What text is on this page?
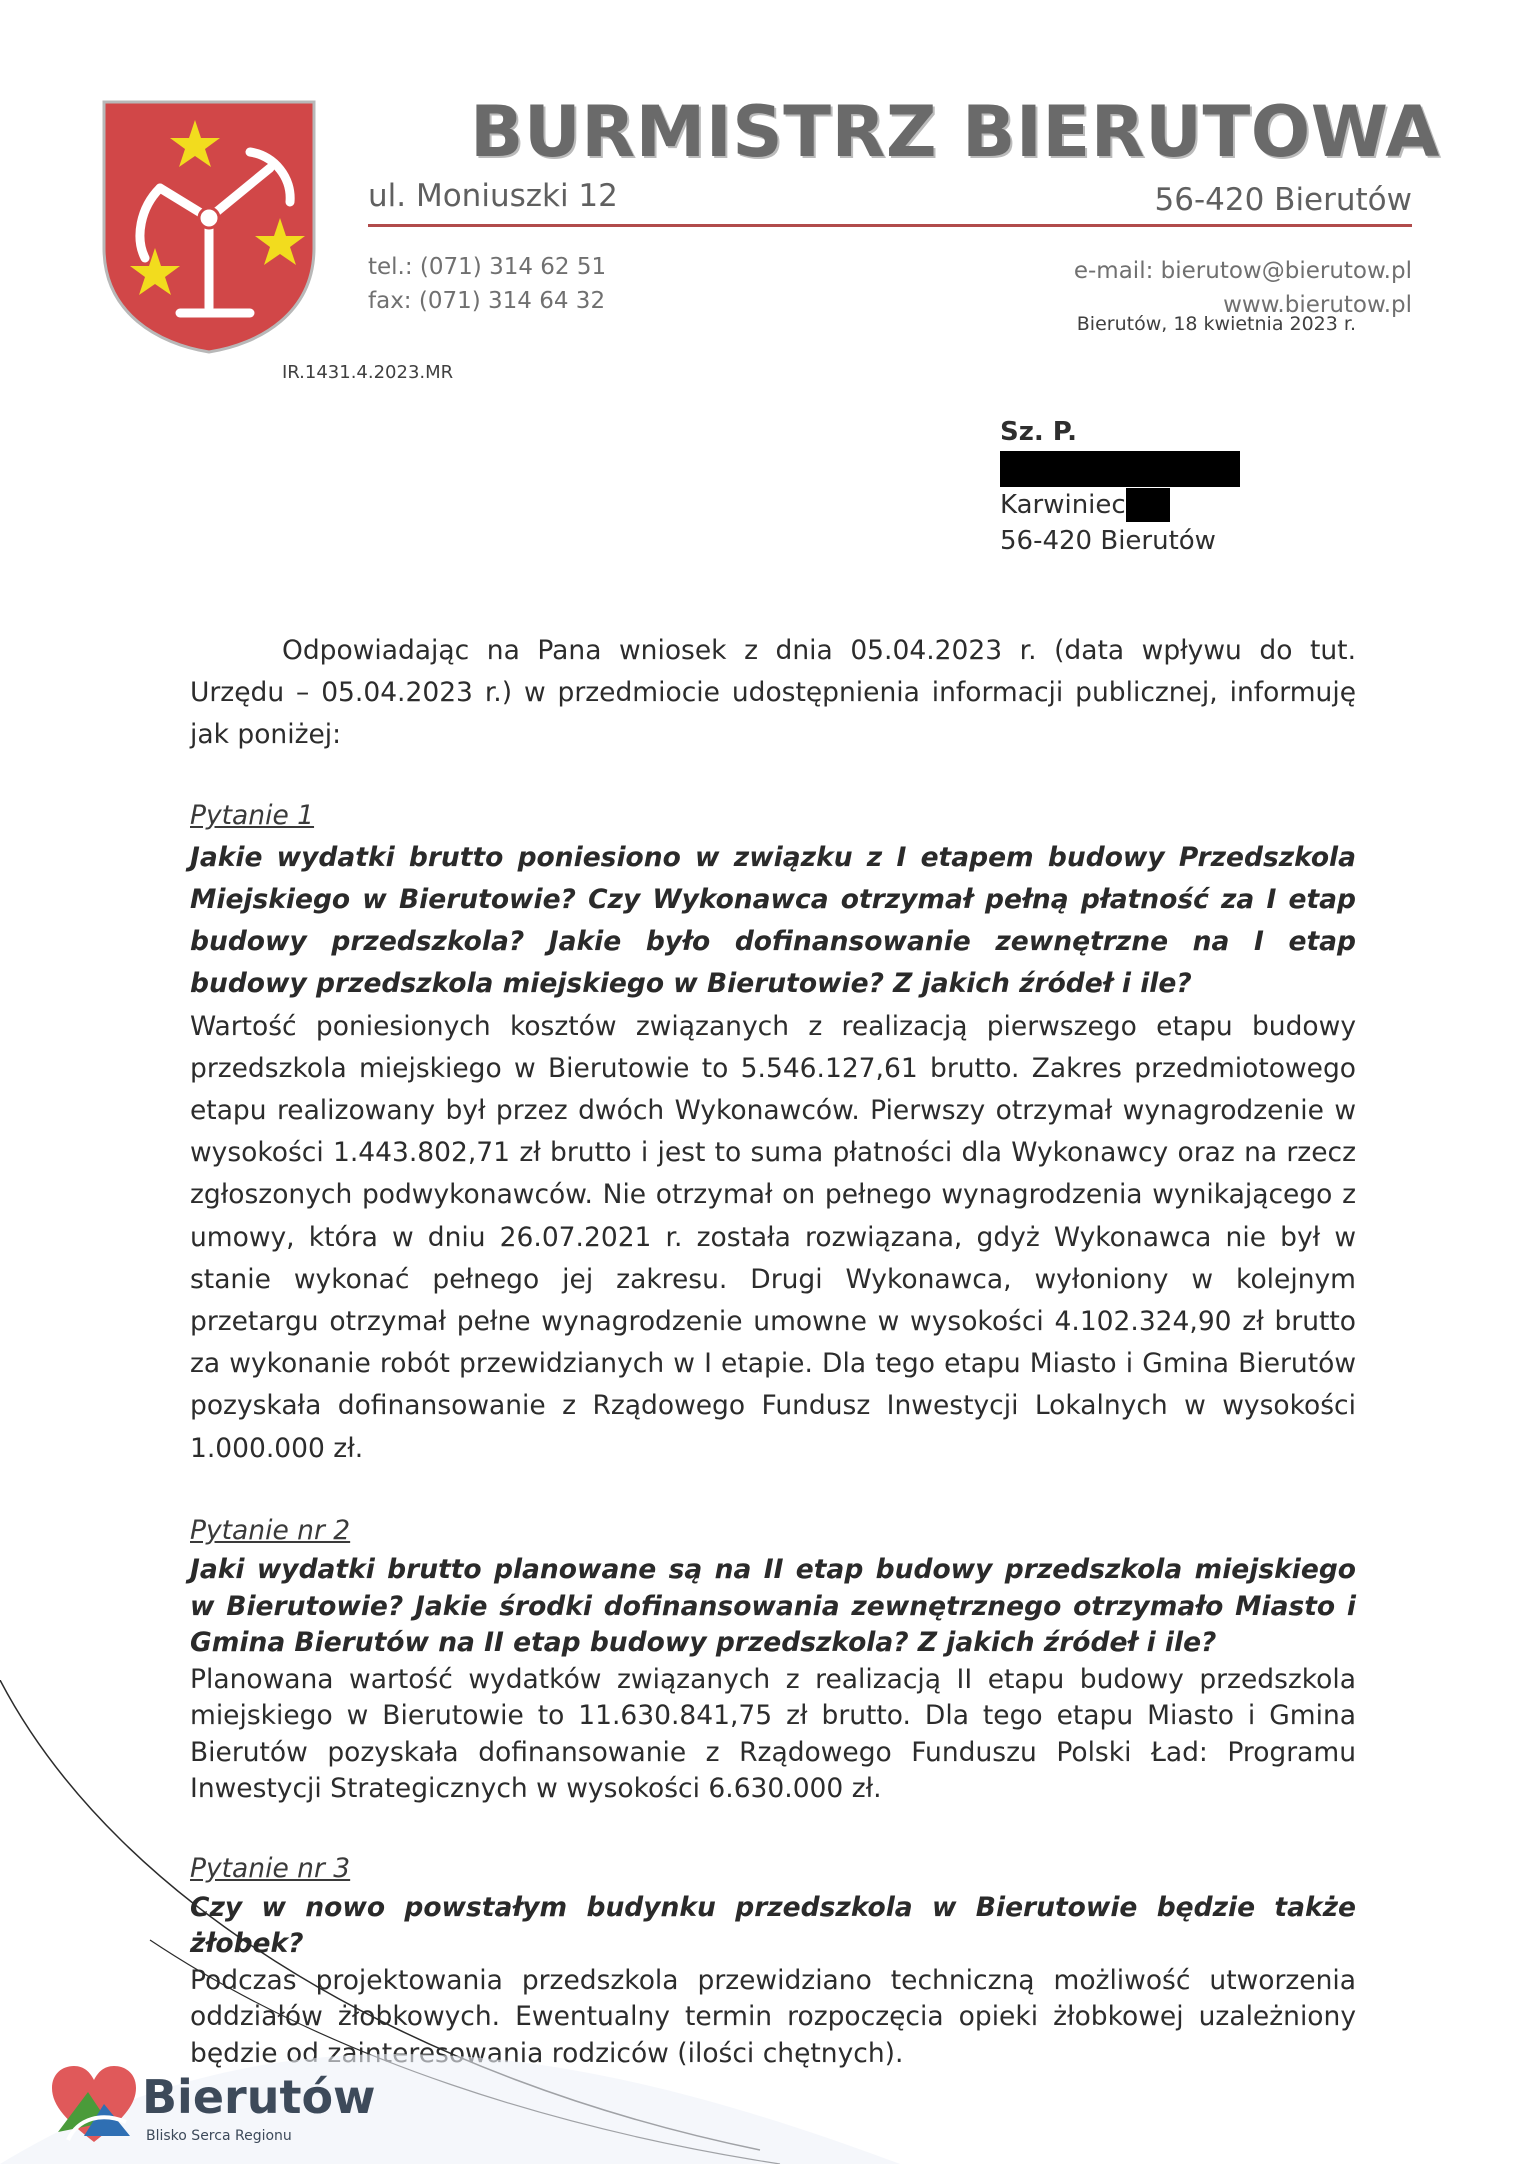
BURMISTRZ BIERUTOWA
ul. Moniuszki 12	56-420 Bierutów
tel.: (071) 314 62 51
fax: (071) 314 64 32
e-mail: bierutow@bierutow.pl
www.bierutow.pl
Bierutów, 18 kwietnia 2023 r.
IR.1431.4.2023.MR
Sz. P.
Karwiniec
56-420 Bierutów

Odpowiadając na Pana wniosek z dnia 05.04.2023 r. (data wpływu do tut. Urzędu – 05.04.2023 r.) w przedmiocie udostępnienia informacji publicznej, informuję jak poniżej:

Pytanie 1

Jakie wydatki brutto poniesiono w związku z I etapem budowy Przedszkola Miejskiego w Bierutowie? Czy Wykonawca otrzymał pełną płatność za I etap budowy przedszkola? Jakie było dofinansowanie zewnętrzne na I etap budowy przedszkola miejskiego w Bierutowie? Z jakich źródeł i ile?

Wartość poniesionych kosztów związanych z realizacją pierwszego etapu budowy przedszkola miejskiego w Bierutowie to 5.546.127,61 brutto. Zakres przedmiotowego etapu realizowany był przez dwóch Wykonawców. Pierwszy otrzymał wynagrodzenie w wysokości 1.443.802,71 zł brutto i jest to suma płatności dla Wykonawcy oraz na rzecz zgłoszonych podwykonawców. Nie otrzymał on pełnego wynagrodzenia wynikającego z umowy, która w dniu 26.07.2021 r. została rozwiązana, gdyż Wykonawca nie był w stanie wykonać pełnego jej zakresu. Drugi Wykonawca, wyłoniony w kolejnym przetargu otrzymał pełne wynagrodzenie umowne w wysokości 4.102.324,90 zł brutto za wykonanie robót przewidzianych w I etapie. Dla tego etapu Miasto i Gmina Bierutów pozyskała dofinansowanie z Rządowego Fundusz Inwestycji Lokalnych w wysokości 1.000.000 zł.

Pytanie nr 2

Jaki wydatki brutto planowane są na II etap budowy przedszkola miejskiego w Bierutowie? Jakie środki dofinansowania zewnętrznego otrzymało Miasto i Gmina Bierutów na II etap budowy przedszkola? Z jakich źródeł i ile?

Planowana wartość wydatków związanych z realizacją II etapu budowy przedszkola miejskiego w Bierutowie to 11.630.841,75 zł brutto. Dla tego etapu Miasto i Gmina Bierutów pozyskała dofinansowanie z Rządowego Funduszu Polski Ład: Programu Inwestycji Strategicznych w wysokości 6.630.000 zł.

Pytanie nr 3

Czy w nowo powstałym budynku przedszkola w Bierutowie będzie także żłobek?

Podczas projektowania przedszkola przewidziano techniczną możliwość utworzenia oddziałów żłobkowych. Ewentualny termin rozpoczęcia opieki żłobkowej uzależniony będzie od zainteresowania rodziców (ilości chętnych).

Bierutów
Blisko Serca Regionu
